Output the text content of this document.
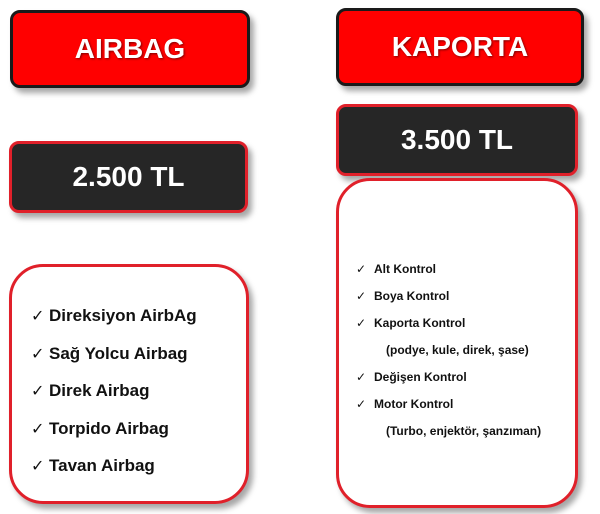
AIRBAG
2.500 TL
✓ Direksiyon AirbAg
✓ Sağ Yolcu Airbag
✓ Direk Airbag
✓ Torpido Airbag
✓ Tavan Airbag
KAPORTA
3.500 TL
✓ Alt Kontrol
✓ Boya Kontrol
✓ Kaporta Kontrol
(podye, kule, direk, şase)
✓ Değişen Kontrol
✓ Motor Kontrol
(Turbo, enjektör, şanzıman)
